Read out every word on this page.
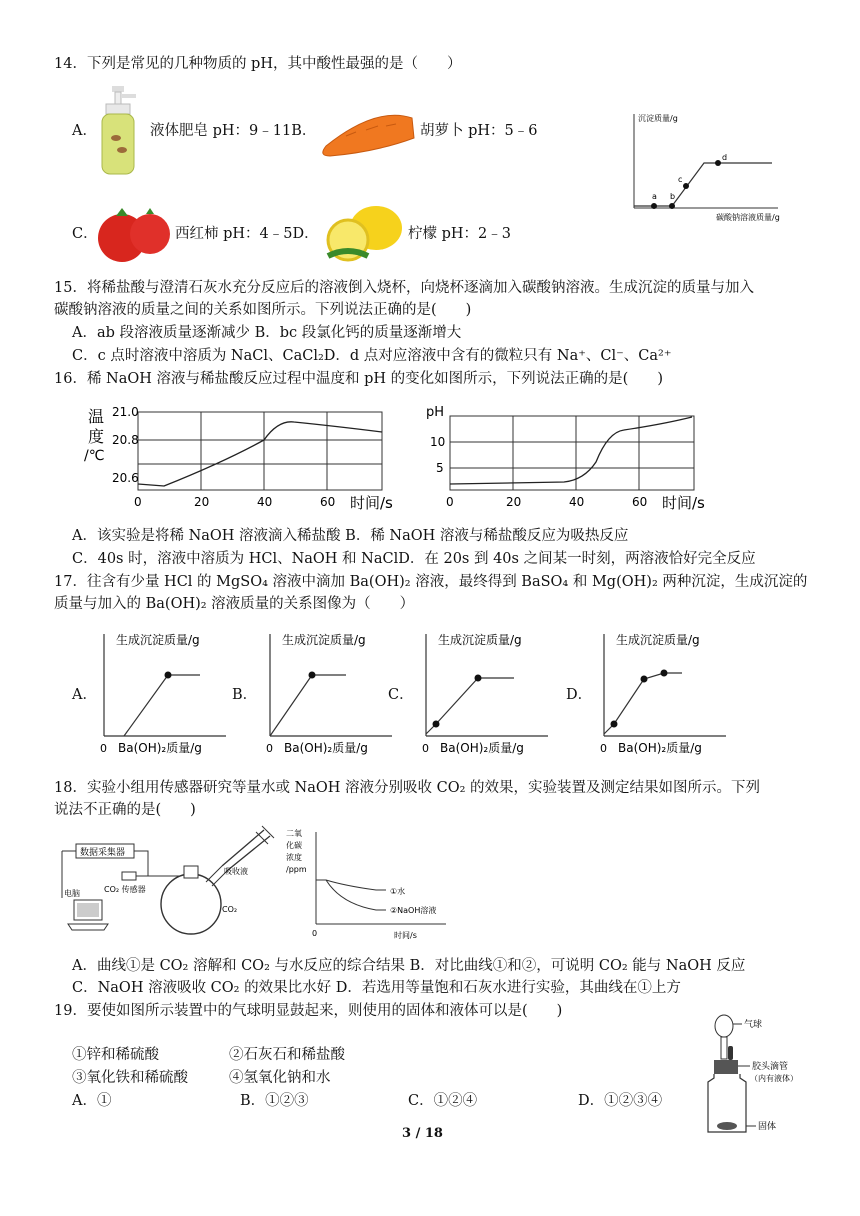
14．下列是常见的几种物质的 pH，其中酸性最强的是（　　）
A．	液体肥皂 pH：9﹣11B．	胡萝卜 pH：5﹣6
C．	西红柿 pH：4﹣5D．	柠檬 pH：2﹣3
沉淀质量/g
碳酸钠溶液质量/g
a b
c
d
15．将稀盐酸与澄清石灰水充分反应后的溶液倒入烧杯，向烧杯逐滴加入碳酸钠溶液。生成沉淀的质量与加入
碳酸钠溶液的质量之间的关系如图所示。下列说法正确的是(　　)
A．ab 段溶液质量逐渐减少 B．bc 段氯化钙的质量逐渐增大
C．c 点时溶液中溶质为 NaCl、CaCl₂D．d 点对应溶液中含有的微粒只有 Na⁺、Cl⁻、Ca²⁺
16．稀 NaOH 溶液与稀盐酸反应过程中温度和 pH 的变化如图所示，下列说法正确的是(　　)
温
度
/℃
21.0
20.8
20.6
0	20	40	60 时间/s
pH
10
5
0	20	40	60 时间/s
A．该实验是将稀 NaOH 溶液滴入稀盐酸 B．稀 NaOH 溶液与稀盐酸反应为吸热反应
C．40s 时，溶液中溶质为 HCl、NaOH 和 NaClD．在 20s 到 40s 之间某一时刻，两溶液恰好完全反应
17．往含有少量 HCl 的 MgSO₄ 溶液中滴加 Ba(OH)₂ 溶液，最终得到 BaSO₄ 和 Mg(OH)₂ 两种沉淀，生成沉淀的
质量与加入的 Ba(OH)₂ 溶液质量的关系图像为（　　）
A．
生成沉淀质量/g
0 Ba(OH)₂质量/g
B．
生成沉淀质量/g
0 Ba(OH)₂质量/g
C．
生成沉淀质量/g
0 Ba(OH)₂质量/g
D．
生成沉淀质量/g
0 Ba(OH)₂质量/g
18．实验小组用传感器研究等量水或 NaOH 溶液分别吸收 CO₂ 的效果，实验装置及测定结果如图所示。下列
说法不正确的是(　　)
数据采集器
CO₂ 传感器
电脑
吸收液
CO₂
二氧
化碳
浓度
/ppm
①水
②NaOH溶液
0	时间/s
A．曲线①是 CO₂ 溶解和 CO₂ 与水反应的综合结果 B．对比曲线①和②，可说明 CO₂ 能与 NaOH 反应
C．NaOH 溶液吸收 CO₂ 的效果比水好 D．若选用等量饱和石灰水进行实验，其曲线在①上方
19．要使如图所示装置中的气球明显鼓起来，则使用的固体和液体可以是(　　)
①锌和稀硫酸	②石灰石和稀盐酸
③氧化铁和稀硫酸	④氢氧化钠和水
A．①	B．①②③	C．①②④	D．①②③④
气球
胶头滴管
（内有液体）
固体
3 / 18
